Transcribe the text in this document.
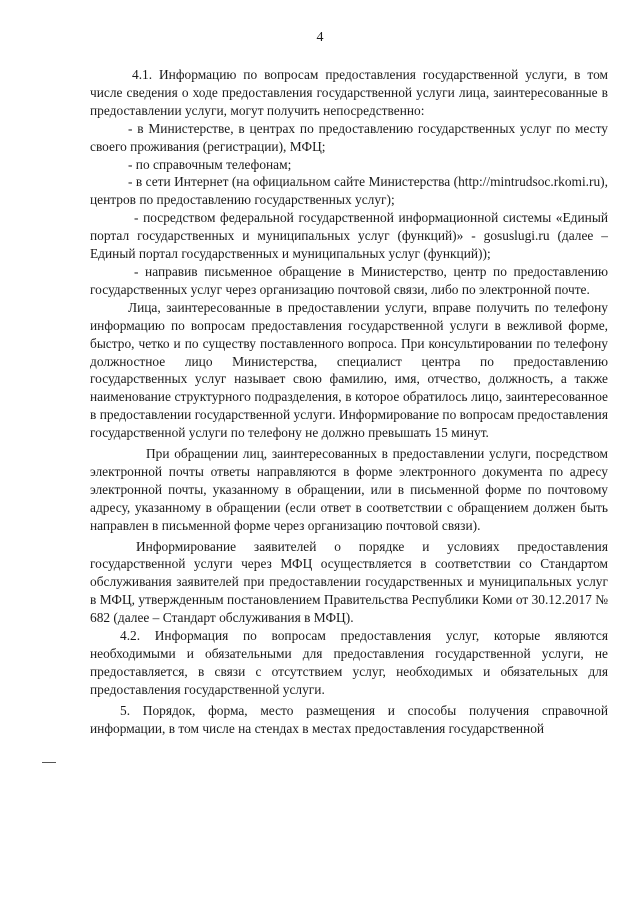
4

4.1. Информацию по вопросам предоставления государственной услуги, в том числе сведения о ходе предоставления государственной услуги лица, заинтересованные в предоставлении услуги, могут получить непосредственно:

- в Министерстве, в центрах по предоставлению государственных услуг по месту своего проживания (регистрации), МФЦ;

- по справочным телефонам;

- в сети Интернет (на официальном сайте Министерства (http://mintrudsoc.rkomi.ru), центров по предоставлению государственных услуг);

- посредством федеральной государственной информационной системы «Единый портал государственных и муниципальных услуг (функций)» - gosuslugi.ru (далее – Единый портал государственных и муниципальных услуг (функций));

- направив письменное обращение в Министерство, центр по предоставлению государственных услуг через организацию почтовой связи, либо по электронной почте.

Лица, заинтересованные в предоставлении услуги, вправе получить по телефону информацию по вопросам предоставления государственной услуги в вежливой форме, быстро, четко и по существу поставленного вопроса. При консультировании по телефону должностное лицо Министерства, специалист центра по предоставлению государственных услуг называет свою фамилию, имя, отчество, должность, а также наименование структурного подразделения, в которое обратилось лицо, заинтересованное в предоставлении государственной услуги. Информирование по вопросам предоставления государственной услуги по телефону не должно превышать 15 минут.

При обращении лиц, заинтересованных в предоставлении услуги, посредством электронной почты ответы направляются в форме электронного документа по адресу электронной почты, указанному в обращении, или в письменной форме по почтовому адресу, указанному в обращении (если ответ в соответствии с обращением должен быть направлен в письменной форме через организацию почтовой связи).

Информирование заявителей о порядке и условиях предоставления государственной услуги через МФЦ осуществляется в соответствии со Стандартом обслуживания заявителей при предоставлении государственных и муниципальных услуг в МФЦ, утвержденным постановлением Правительства Республики Коми от 30.12.2017 № 682 (далее – Стандарт обслуживания в МФЦ).

4.2. Информация по вопросам предоставления услуг, которые являются необходимыми и обязательными для предоставления государственной услуги, не предоставляется, в связи с отсутствием услуг, необходимых и обязательных для предоставления государственной услуги.

5. Порядок, форма, место размещения и способы получения справочной информации, в том числе на стендах в местах предоставления государственной
